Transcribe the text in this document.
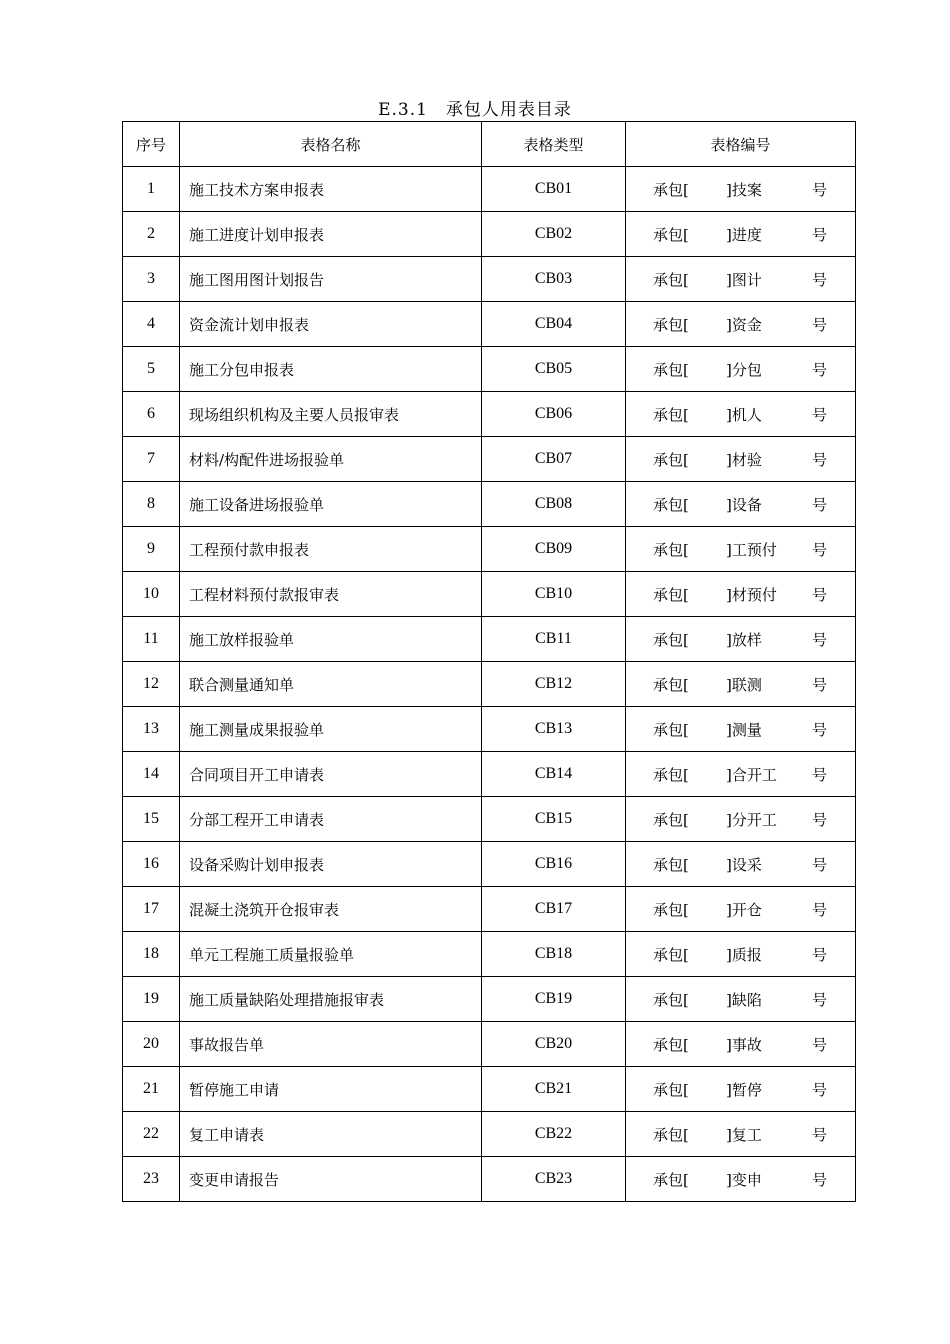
E.3.1　承包人用表目录
序号	表格名称	表格类型	表格编号
1	施工技术方案申报表	CB01	承包[ ]技案 号

2	施工进度计划申报表	CB02	承包[ ]进度 号

3	施工图用图计划报告	CB03	承包[ ]图计 号

4	资金流计划申报表	CB04	承包[ ]资金 号

5	施工分包申报表	CB05	承包[ ]分包 号

6	现场组织机构及主要人员报审表	CB06	承包[ ]机人 号

7	材料/构配件进场报验单	CB07	承包[ ]材验 号

8	施工设备进场报验单	CB08	承包[ ]设备 号

9	工程预付款申报表	CB09	承包[ ]工预付 号

10	工程材料预付款报审表	CB10	承包[ ]材预付 号

11	施工放样报验单	CB11	承包[ ]放样 号

12	联合测量通知单	CB12	承包[ ]联测 号

13	施工测量成果报验单	CB13	承包[ ]测量 号

14	合同项目开工申请表	CB14	承包[ ]合开工 号

15	分部工程开工申请表	CB15	承包[ ]分开工 号

16	设备采购计划申报表	CB16	承包[ ]设采 号

17	混凝土浇筑开仓报审表	CB17	承包[ ]开仓 号

18	单元工程施工质量报验单	CB18	承包[ ]质报 号

19	施工质量缺陷处理措施报审表	CB19	承包[ ]缺陷 号

20	事故报告单	CB20	承包[ ]事故 号

21	暂停施工申请	CB21	承包[ ]暂停 号

22	复工申请表	CB22	承包[ ]复工 号

23	变更申请报告	CB23	承包[ ]变申 号
